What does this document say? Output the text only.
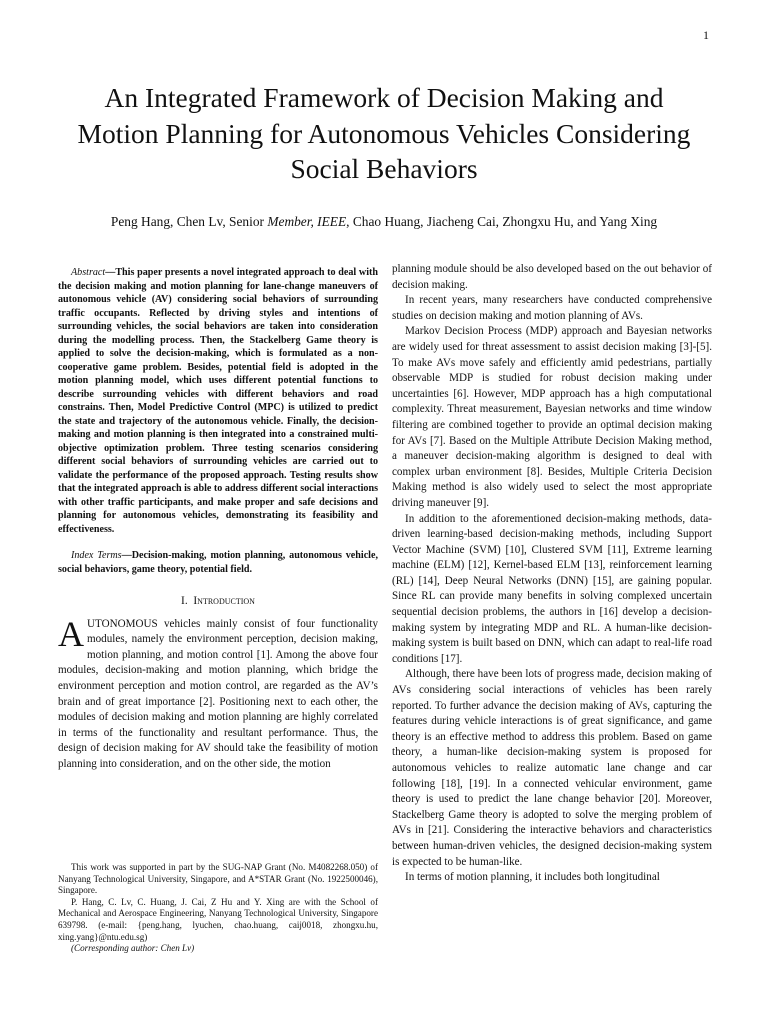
1
An Integrated Framework of Decision Making and Motion Planning for Autonomous Vehicles Considering Social Behaviors
Peng Hang, Chen Lv, Senior Member, IEEE, Chao Huang, Jiacheng Cai, Zhongxu Hu, and Yang Xing

Abstract—This paper presents a novel integrated approach to deal with the decision making and motion planning for lane-change maneuvers of autonomous vehicle (AV) considering social behaviors of surrounding traffic occupants. Reflected by driving styles and intentions of surrounding vehicles, the social behaviors are taken into consideration during the modelling process. Then, the Stackelberg Game theory is applied to solve the decision-making, which is formulated as a non-cooperative game problem. Besides, potential field is adopted in the motion planning model, which uses different potential functions to describe surrounding vehicles with different behaviors and road constrains. Then, Model Predictive Control (MPC) is utilized to predict the state and trajectory of the autonomous vehicle. Finally, the decision-making and motion planning is then integrated into a constrained multi-objective optimization problem. Three testing scenarios considering different social behaviors of surrounding vehicles are carried out to validate the performance of the proposed approach. Testing results show that the integrated approach is able to address different social interactions with other traffic participants, and make proper and safe decisions and planning for autonomous vehicles, demonstrating its feasibility and effectiveness.

Index Terms—Decision-making, motion planning, autonomous vehicle, social behaviors, game theory, potential field.

I. Introduction

AUTONOMOUS vehicles mainly consist of four functionality modules, namely the environment perception, decision making, motion planning, and motion control [1]. Among the above four modules, decision-making and motion planning, which bridge the environment perception and motion control, are regarded as the AV’s brain and of great importance [2]. Positioning next to each other, the modules of decision making and motion planning are highly correlated in terms of the functionality and resultant performance. Thus, the design of decision making for AV should take the feasibility of motion planning into consideration, and on the other side, the motion

This work was supported in part by the SUG-NAP Grant (No. M4082268.050) of Nanyang Technological University, Singapore, and A*STAR Grant (No. 1922500046), Singapore.

P. Hang, C. Lv, C. Huang, J. Cai, Z Hu and Y. Xing are with the School of Mechanical and Aerospace Engineering, Nanyang Technological University, Singapore 639798. (e-mail: {peng.hang, lyuchen, chao.huang, caij0018, zhongxu.hu, xing.yang}@ntu.edu.sg)

(Corresponding author: Chen Lv)

planning module should be also developed based on the out behavior of decision making.

In recent years, many researchers have conducted comprehensive studies on decision making and motion planning of AVs.

Markov Decision Process (MDP) approach and Bayesian networks are widely used for threat assessment to assist decision making [3]-[5]. To make AVs move safely and efficiently amid pedestrians, partially observable MDP is studied for robust decision making under uncertainties [6]. However, MDP approach has a high computational complexity. Threat measurement, Bayesian networks and time window filtering are combined together to provide an optimal decision making for AVs [7]. Based on the Multiple Attribute Decision Making method, a maneuver decision-making algorithm is designed to deal with complex urban environment [8]. Besides, Multiple Criteria Decision Making method is also widely used to select the most appropriate driving maneuver [9].

In addition to the aforementioned decision-making methods, data-driven learning-based decision-making methods, including Support Vector Machine (SVM) [10], Clustered SVM [11], Extreme learning machine (ELM) [12], Kernel-based ELM [13], reinforcement learning (RL) [14], Deep Neural Networks (DNN) [15], are gaining popular. Since RL can provide many benefits in solving complexed uncertain sequential decision problems, the authors in [16] develop a decision-making system by integrating MDP and RL. A human-like decision-making system is built based on DNN, which can adapt to real-life road conditions [17].

Although, there have been lots of progress made, decision making of AVs considering social interactions of vehicles has been rarely reported. To further advance the decision making of AVs, capturing the features during vehicle interactions is of great significance, and game theory is an effective method to address this problem. Based on game theory, a human-like decision-making system is proposed for autonomous vehicles to realize automatic lane change and car following [18], [19]. In a connected vehicular environment, game theory is used to predict the lane change behavior [20]. Moreover, Stackelberg Game theory is adopted to solve the merging problem of AVs in [21]. Considering the interactive behaviors and characteristics between human-driven vehicles, the designed decision-making system is expected to be human-like.

In terms of motion planning, it includes both longitudinal
